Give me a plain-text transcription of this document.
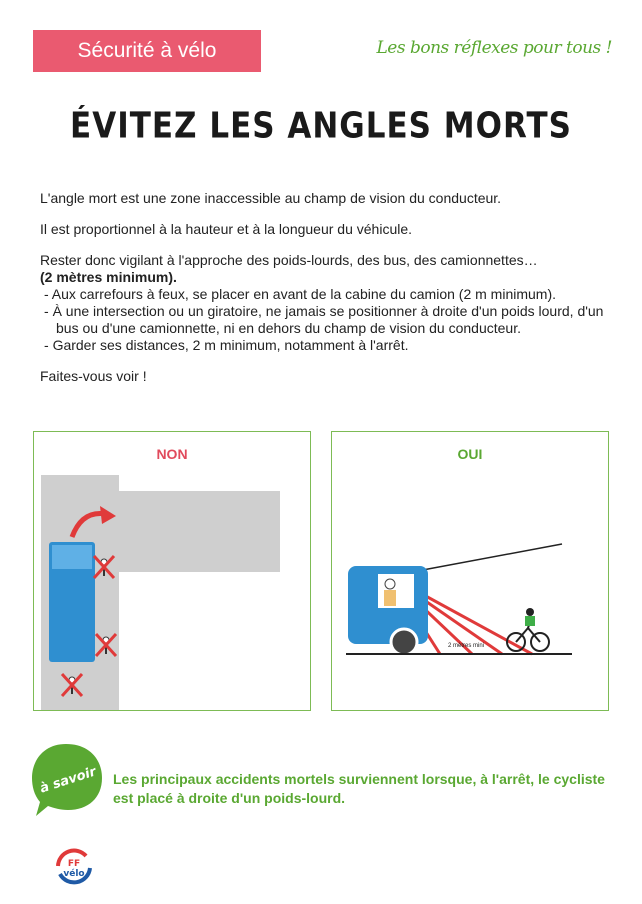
Sécurité à vélo	Les bons réflexes pour tous !
ÉVITEZ LES ANGLES MORTS

L'angle mort est une zone inaccessible au champ de vision du conducteur.

Il est proportionnel à la hauteur et à la longueur du véhicule.

Rester donc vigilant à l'approche des poids-lourds, des bus, des camionnettes…

(2 mètres minimum).

- Aux carrefours à feux, se placer en avant de la cabine du camion (2 m minimum).
- À une intersection ou un giratoire, ne jamais se positionner à droite d'un poids lourd, d'un bus ou d'une camionnette, ni en dehors du champ de vision du conducteur.
- Garder ses distances, 2 m minimum, notamment à l'arrêt.

Faites-vous voir !

NON	OUI
2 mètres mini
à savoir Les principaux accidents mortels surviennent lorsque, à l'arrêt, le cycliste est placé à droite d'un poids-lourd.
FF
vélo
